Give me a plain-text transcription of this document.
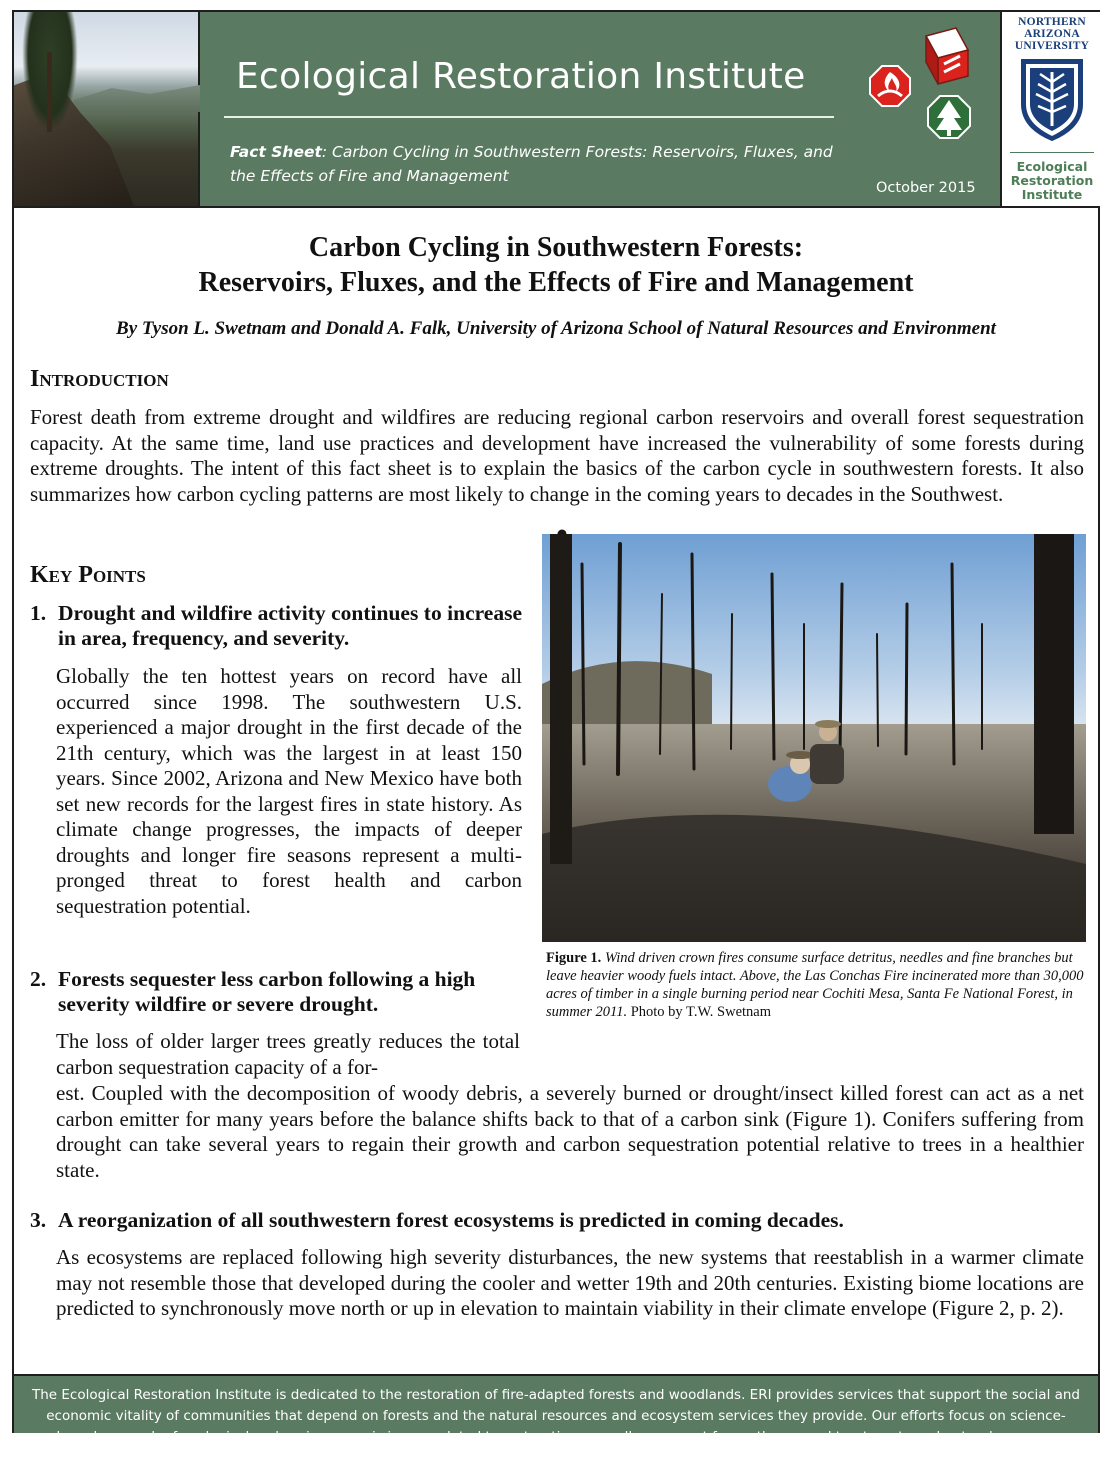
Ecological Restoration Institute
Fact Sheet: Carbon Cycling in Southwestern Forests: Reservoirs, Fluxes, and the Effects of Fire and Management
October 2015
NORTHERN
ARIZONA
UNIVERSITY
Ecological
Restoration
Institute
Carbon Cycling in Southwestern Forests:
Reservoirs, Fluxes, and the Effects of Fire and Management
By Tyson L. Swetnam and Donald A. Falk, University of Arizona School of Natural Resources and Environment
Introduction
Forest death from extreme drought and wildfires are reducing regional carbon reservoirs and overall forest sequestration capacity. At the same time, land use practices and development have increased the vulnerability of some forests during extreme droughts. The intent of this fact sheet is to explain the basics of the carbon cycle in southwestern forests. It also summarizes how carbon cycling patterns are most likely to change in the coming years to decades in the Southwest.
Key Points
1. Drought and wildfire activity continues to increase in area, frequency, and severity.
Globally the ten hottest years on record have all occurred since 1998. The southwestern U.S. experienced a major drought in the first decade of the 21th century, which was the largest in at least 150 years. Since 2002, Arizona and New Mexico have both set new records for the largest fires in state history. As climate change progresses, the impacts of deeper droughts and longer fire seasons represent a multi-pronged threat to forest health and carbon sequestration potential.
2. Forests sequester less carbon following a high severity wildfire or severe drought.
The loss of older larger trees greatly reduces the total carbon sequestration capacity of a for-
est. Coupled with the decomposition of woody debris, a severely burned or drought/insect killed forest can act as a net carbon emitter for many years before the balance shifts back to that of a carbon sink (Figure 1). Conifers suffering from drought can take several years to regain their growth and carbon sequestration potential relative to trees in a healthier state.
3. A reorganization of all southwestern forest ecosystems is predicted in coming decades.
As ecosystems are replaced following high severity disturbances, the new systems that reestablish in a warmer climate may not resemble those that developed during the cooler and wetter 19th and 20th centuries. Existing biome locations are predicted to synchronously move north or up in elevation to maintain viability in their climate envelope (Figure 2, p. 2).
Figure 1. Wind driven crown fires consume surface detritus, needles and fine branches but leave heavier woody fuels intact. Above, the Las Conchas Fire incinerated more than 30,000 acres of timber in a single burning period near Cochiti Mesa, Santa Fe National Forest, in summer 2011. Photo by T.W. Swetnam
The Ecological Restoration Institute is dedicated to the restoration of fire-adapted forests and woodlands. ERI provides services that support the social and economic vitality of communities that depend on forests and the natural resources and ecosystem services they provide. Our efforts focus on science-based research of ecological and socioeconomic issues related to restoration, as well as support for on-the-ground treatments and natural resource management.
